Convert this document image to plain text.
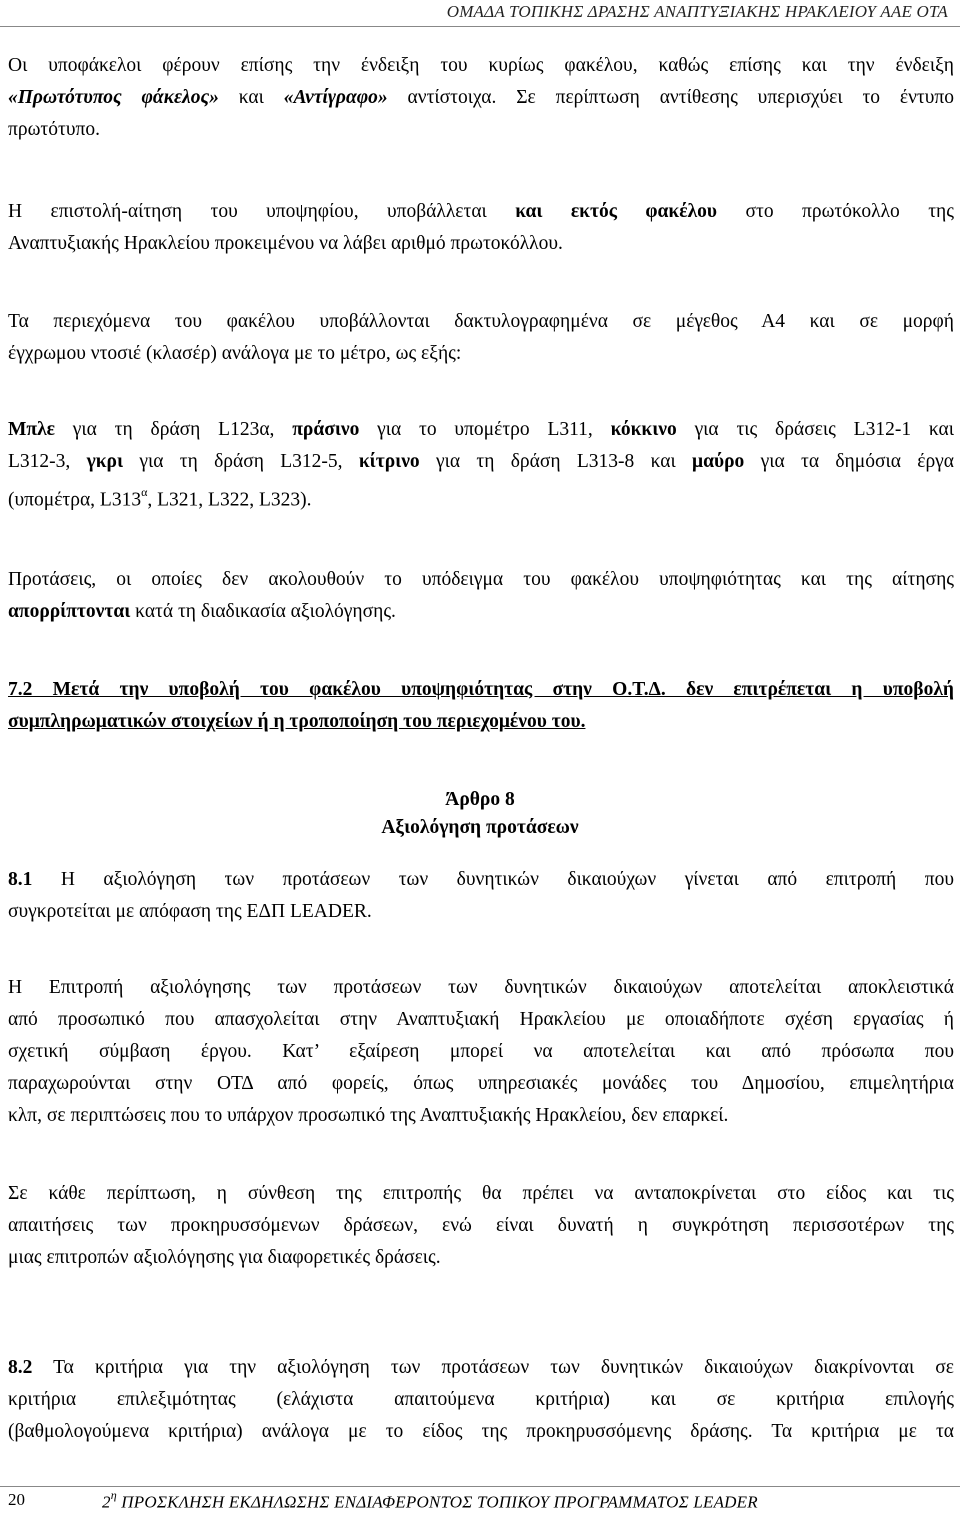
ΟΜΑΔΑ ΤΟΠΙΚΗΣ ΔΡΑΣΗΣ ΑΝΑΠΤΥΞΙΑΚΗΣ ΗΡΑΚΛΕΙΟΥ ΑΑΕ ΟΤΑ
Οι υποφάκελοι φέρουν επίσης την ένδειξη του κυρίως φακέλου, καθώς επίσης και την ένδειξη
«Πρωτότυπος φάκελος» και «Αντίγραφο» αντίστοιχα. Σε περίπτωση αντίθεσης υπερισχύει το έντυπο
πρωτότυπο.
Η επιστολή-αίτηση του υποψηφίου, υποβάλλεται και εκτός φακέλου στο πρωτόκολλο της
Αναπτυξιακής Ηρακλείου προκειμένου να λάβει αριθμό πρωτοκόλλου.
Τα περιεχόμενα του φακέλου υποβάλλονται δακτυλογραφημένα σε μέγεθος Α4 και σε μορφή
έγχρωμου ντοσιέ (κλασέρ) ανάλογα με το μέτρο, ως εξής:
Μπλε για τη δράση L123α, πράσινο για το υπομέτρο L311, κόκκινο για τις δράσεις L312-1 και
L312-3, γκρι για τη δράση L312-5, κίτρινο για τη δράση L313-8 και μαύρο για τα δημόσια έργα
(υπομέτρα, $L313^\alpha$, L321, L322, L323).
Προτάσεις, οι οποίες δεν ακολουθούν το υπόδειγμα του φακέλου υποψηφιότητας και της αίτησης
απορρίπτονται κατά τη διαδικασία αξιολόγησης.
7.2 Μετά την υποβολή του φακέλου υποψηφιότητας στην Ο.Τ.Δ. δεν επιτρέπεται η υποβολή
συμπληρωματικών στοιχείων ή η τροποποίηση του περιεχομένου του.
Άρθρο 8
Αξιολόγηση προτάσεων
8.1 Η αξιολόγηση των προτάσεων των δυνητικών δικαιούχων γίνεται από επιτροπή που
συγκροτείται με απόφαση της ΕΔΠ LEADER.
Η Επιτροπή αξιολόγησης των προτάσεων των δυνητικών δικαιούχων αποτελείται αποκλειστικά
από προσωπικό που απασχολείται στην Αναπτυξιακή Ηρακλείου με οποιαδήποτε σχέση εργασίας ή
σχετική σύμβαση έργου. Κατ’ εξαίρεση μπορεί να αποτελείται και από πρόσωπα που
παραχωρούνται στην ΟΤΔ από φορείς, όπως υπηρεσιακές μονάδες του Δημοσίου, επιμελητήρια
κλπ, σε περιπτώσεις που το υπάρχον προσωπικό της Αναπτυξιακής Ηρακλείου, δεν επαρκεί.
Σε κάθε περίπτωση, η σύνθεση της επιτροπής θα πρέπει να ανταποκρίνεται στο είδος και τις
απαιτήσεις των προκηρυσσόμενων δράσεων, ενώ είναι δυνατή η συγκρότηση περισσοτέρων της
μιας επιτροπών αξιολόγησης για διαφορετικές δράσεις.
8.2 Τα κριτήρια για την αξιολόγηση των προτάσεων των δυνητικών δικαιούχων διακρίνονται σε
κριτήρια επιλεξιμότητας (ελάχιστα απαιτούμενα κριτήρια) και σε κριτήρια επιλογής
(βαθμολογούμενα κριτήρια) ανάλογα με το είδος της προκηρυσσόμενης δράσης. Τα κριτήρια με τα
20	$2^\eta$ ΠΡΟΣΚΛΗΣΗ ΕΚΔΗΛΩΣΗΣ ΕΝΔΙΑΦΕΡΟΝΤΟΣ ΤΟΠΙΚΟΥ ΠΡΟΓΡΑΜΜΑΤΟΣ LEADER
